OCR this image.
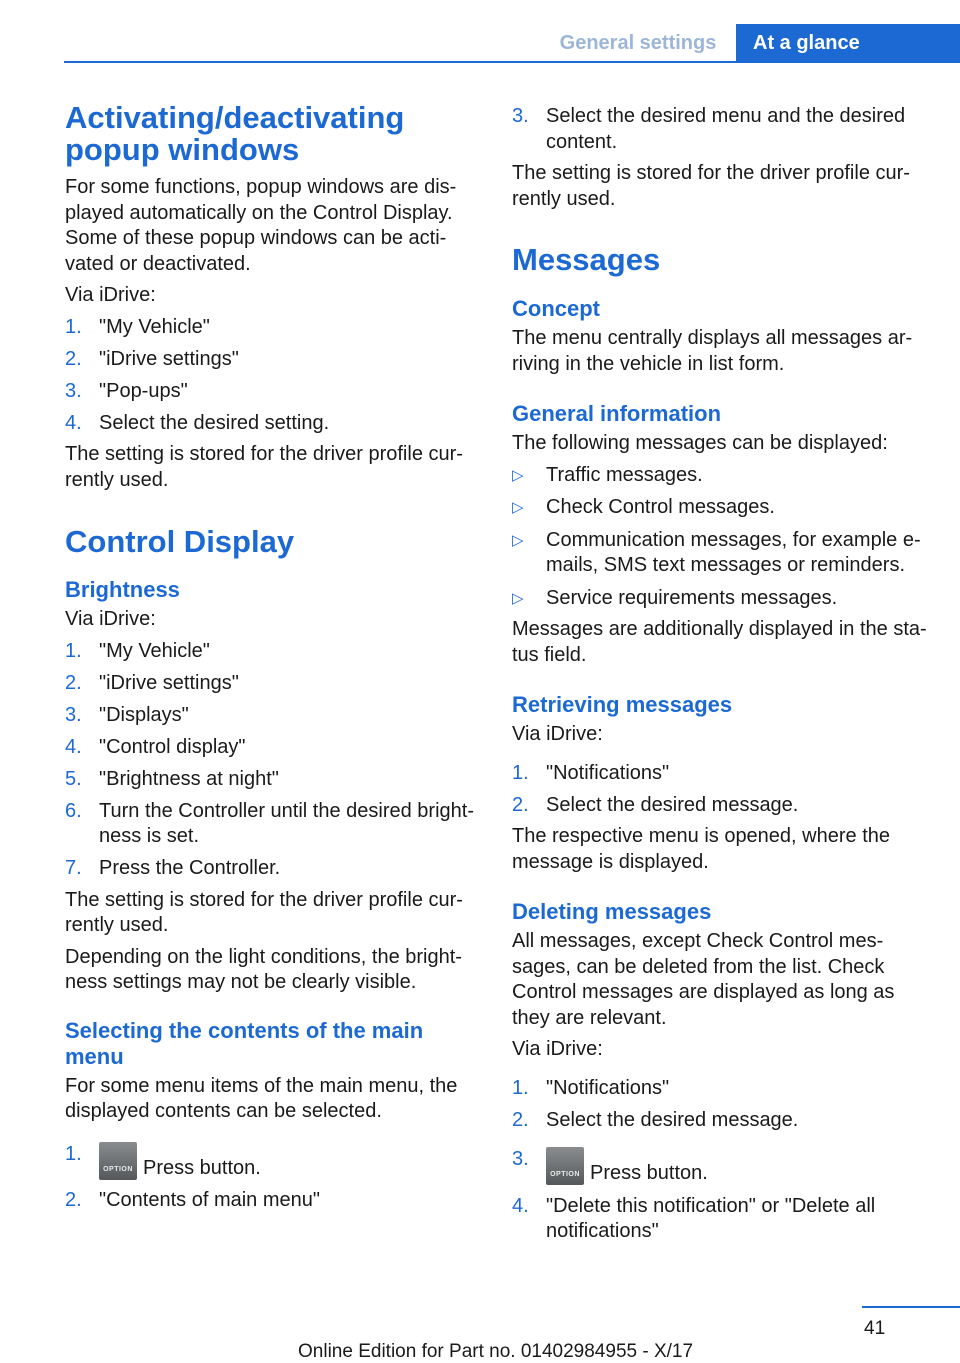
General settings	At a glance
Activating/deactivating popup windows

For some functions, popup windows are dis-played automatically on the Control Display. Some of these popup windows can be acti-vated or deactivated.

Via iDrive:

1. "My Vehicle"
2. "iDrive settings"
3. "Pop-ups"
4. Select the desired setting.

The setting is stored for the driver profile cur-rently used.

Control Display
Brightness

Via iDrive:

1. "My Vehicle"
2. "iDrive settings"
3. "Displays"
4. "Control display"
5. "Brightness at night"
6. Turn the Controller until the desired bright-ness is set.
7. Press the Controller.

The setting is stored for the driver profile cur-rently used.

Depending on the light conditions, the bright-ness settings may not be clearly visible.

Selecting the contents of the main menu

For some menu items of the main menu, the displayed contents can be selected.

1.
OPTION Press button.
2. "Contents of main menu"
3. Select the desired menu and the desired content.

The setting is stored for the driver profile cur-rently used.

Messages
Concept

The menu centrally displays all messages ar-riving in the vehicle in list form.

General information

The following messages can be displayed:

▷ Traffic messages.
▷ Check Control messages.
▷ Communication messages, for example e-mails, SMS text messages or reminders.
▷ Service requirements messages.

Messages are additionally displayed in the sta-tus field.

Retrieving messages

Via iDrive:

1. "Notifications"
2. Select the desired message.

The respective menu is opened, where the message is displayed.

Deleting messages

All messages, except Check Control mes-sages, can be deleted from the list. Check Control messages are displayed as long as they are relevant.

Via iDrive:

1. "Notifications"
2. Select the desired message.
3.
OPTION Press button.
4. "Delete this notification" or "Delete all notifications"
41
Online Edition for Part no. 01402984955 - X/17
